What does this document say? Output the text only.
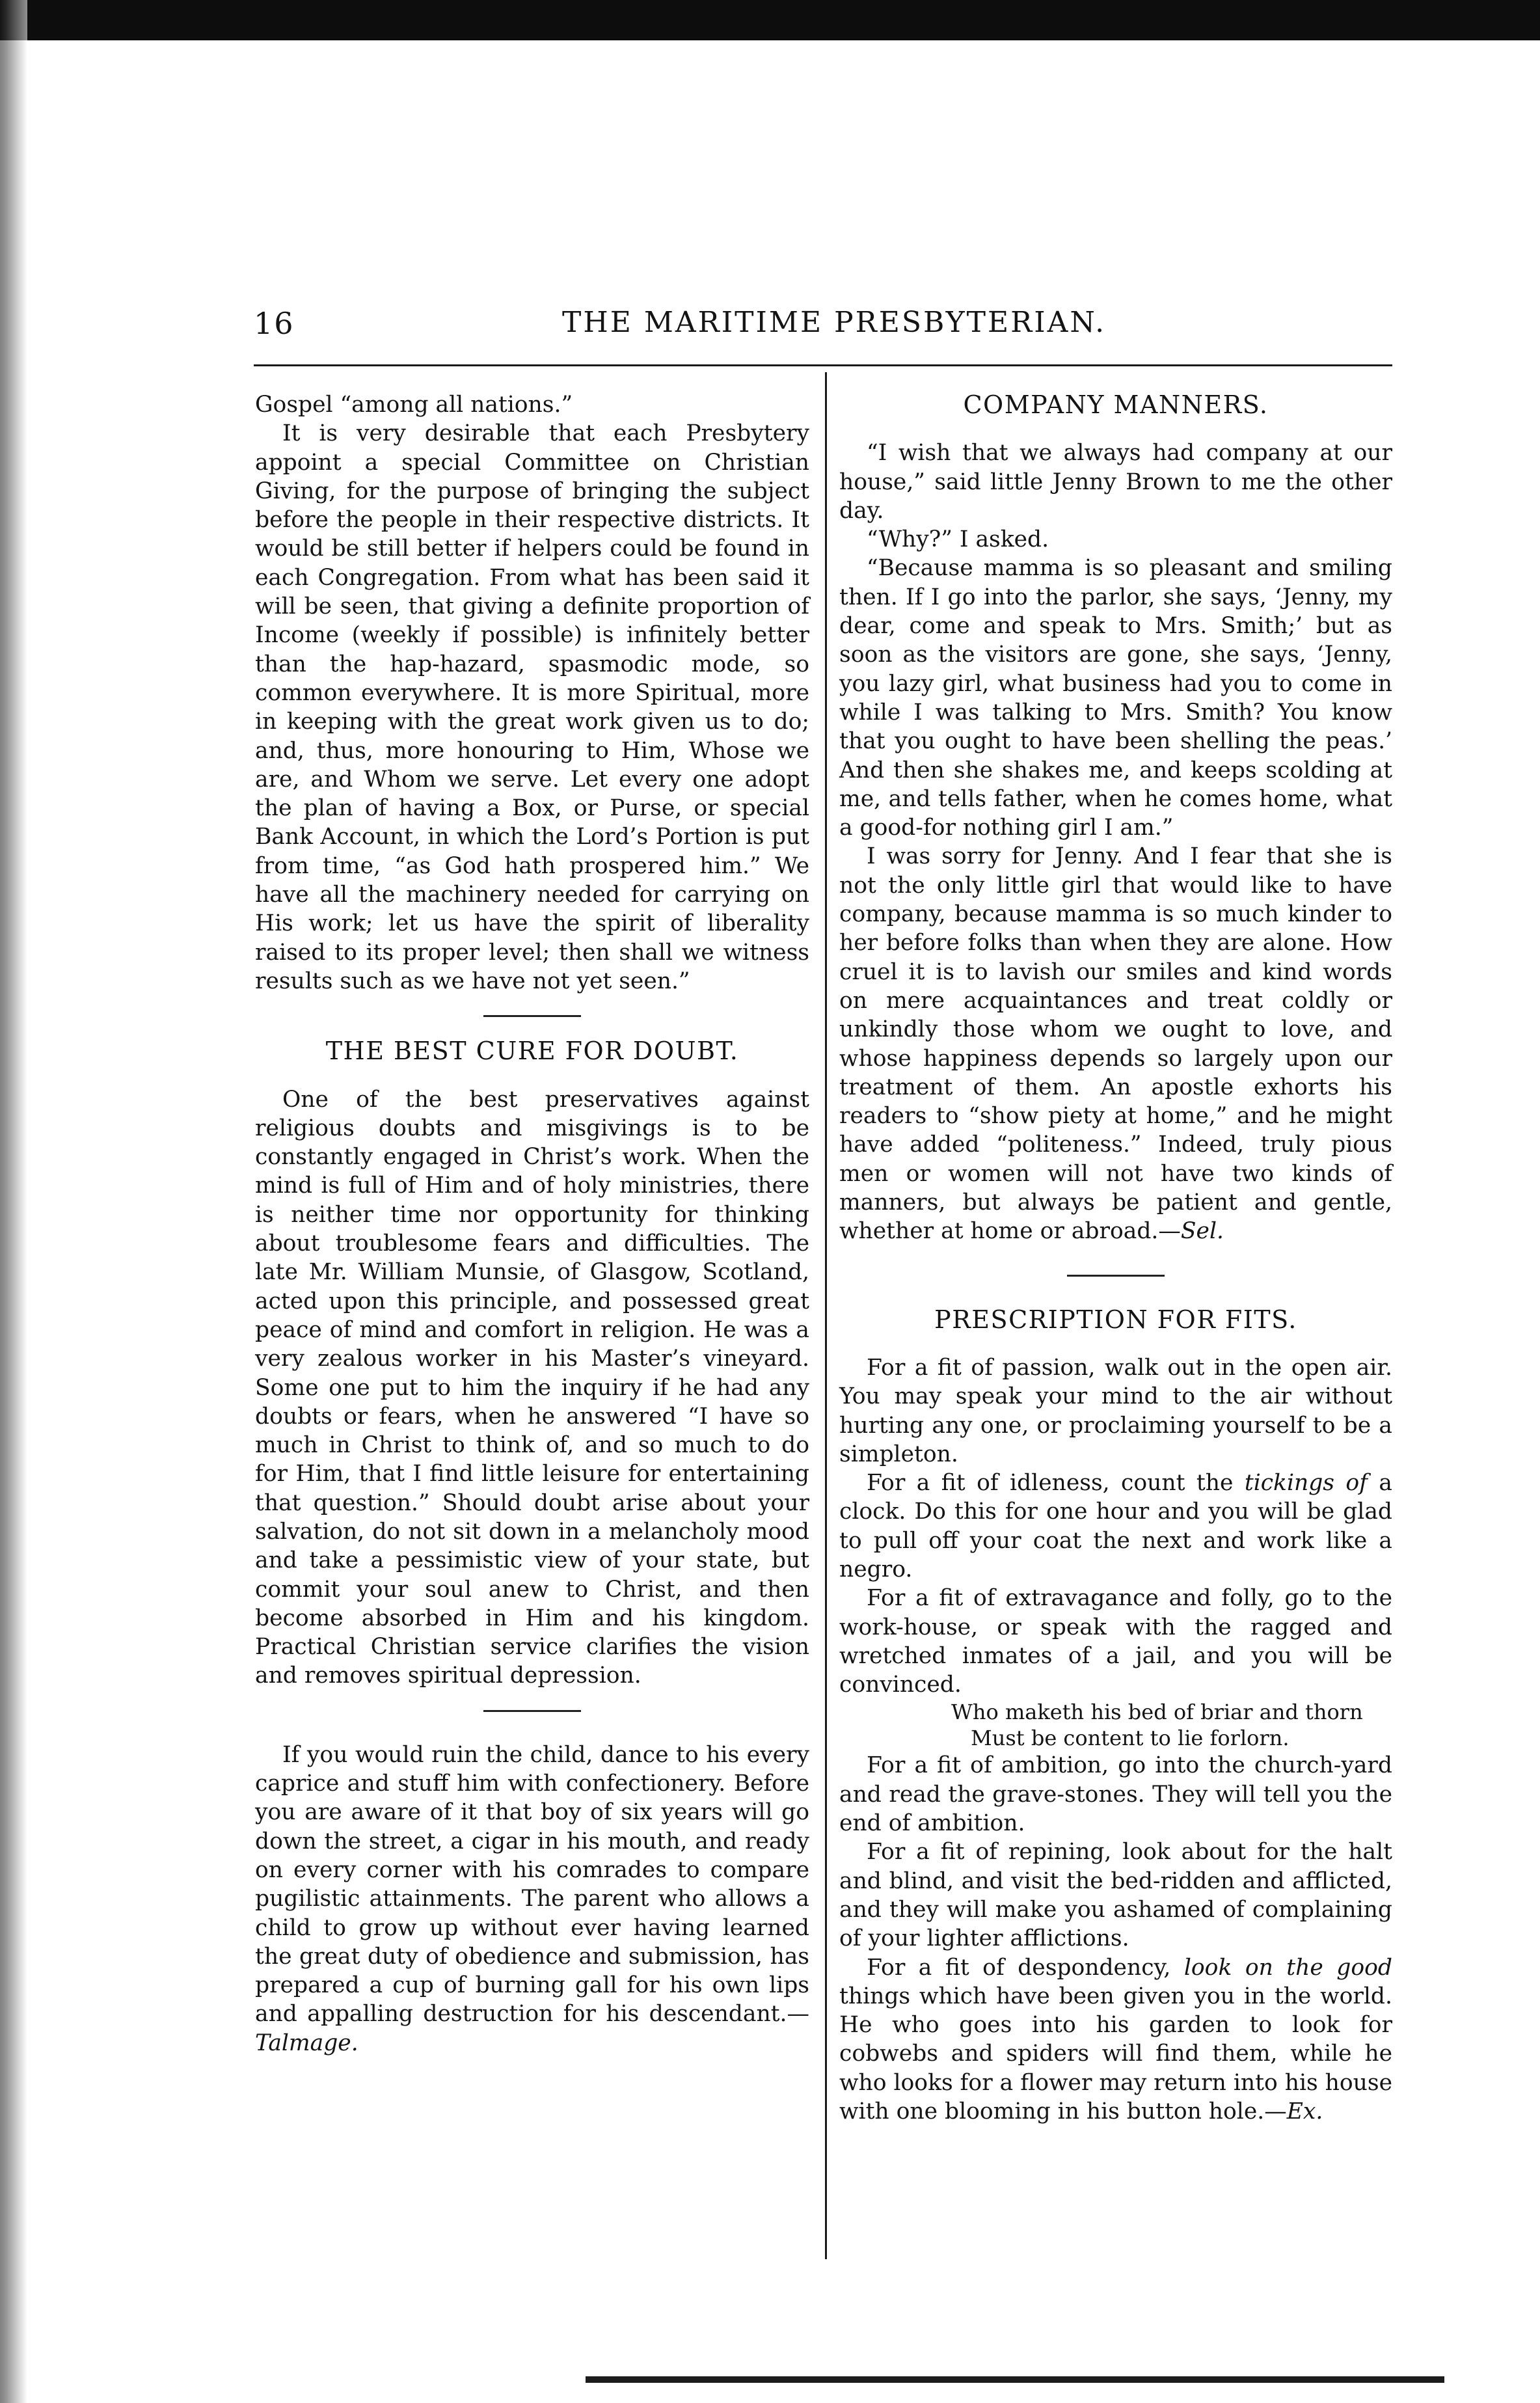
16	THE MARITIME PRESBYTERIAN.

Gospel “among all nations.”

It is very desirable that each Presbytery appoint a special Committee on Christian Giving, for the purpose of bringing the subject before the people in their respective districts. It would be still better if helpers could be found in each Congregation. From what has been said it will be seen, that giving a definite proportion of Income (weekly if possible) is infinitely better than the hap-hazard, spasmodic mode, so common everywhere. It is more Spiritual, more in keeping with the great work given us to do; and, thus, more honouring to Him, Whose we are, and Whom we serve. Let every one adopt the plan of having a Box, or Purse, or special Bank Account, in which the Lord’s Portion is put from time, “as God hath prospered him.” We have all the machinery needed for carrying on His work; let us have the spirit of liberality raised to its proper level; then shall we witness results such as we have not yet seen.”

THE BEST CURE FOR DOUBT.

One of the best preservatives against religious doubts and misgivings is to be constantly engaged in Christ’s work. When the mind is full of Him and of holy ministries, there is neither time nor opportunity for thinking about troublesome fears and difficulties. The late Mr. William Munsie, of Glasgow, Scotland, acted upon this principle, and possessed great peace of mind and comfort in religion. He was a very zealous worker in his Master’s vineyard. Some one put to him the inquiry if he had any doubts or fears, when he answered “I have so much in Christ to think of, and so much to do for Him, that I find little leisure for entertaining that question.” Should doubt arise about your salvation, do not sit down in a melancholy mood and take a pessimistic view of your state, but commit your soul anew to Christ, and then become absorbed in Him and his kingdom. Practical Christian service clarifies the vision and removes spiritual depression.

If you would ruin the child, dance to his every caprice and stuff him with confectionery. Before you are aware of it that boy of six years will go down the street, a cigar in his mouth, and ready on every corner with his comrades to compare pugilistic attainments. The parent who allows a child to grow up without ever having learned the great duty of obedience and submission, has prepared a cup of burning gall for his own lips and appalling destruction for his descendant.—Talmage.

COMPANY MANNERS.

“I wish that we always had company at our house,” said little Jenny Brown to me the other day.

“Why?” I asked.

“Because mamma is so pleasant and smiling then. If I go into the parlor, she says, ‘Jenny, my dear, come and speak to Mrs. Smith;’ but as soon as the visitors are gone, she says, ‘Jenny, you lazy girl, what business had you to come in while I was talking to Mrs. Smith? You know that you ought to have been shelling the peas.’ And then she shakes me, and keeps scolding at me, and tells father, when he comes home, what a good-for nothing girl I am.”

I was sorry for Jenny. And I fear that she is not the only little girl that would like to have company, because mamma is so much kinder to her before folks than when they are alone. How cruel it is to lavish our smiles and kind words on mere acquaintances and treat coldly or unkindly those whom we ought to love, and whose happiness depends so largely upon our treatment of them. An apostle exhorts his readers to “show piety at home,” and he might have added “politeness.” Indeed, truly pious men or women will not have two kinds of manners, but always be patient and gentle, whether at home or abroad.—Sel.

PRESCRIPTION FOR FITS.

For a fit of passion, walk out in the open air. You may speak your mind to the air without hurting any one, or proclaiming yourself to be a simpleton.

For a fit of idleness, count the tickings of a clock. Do this for one hour and you will be glad to pull off your coat the next and work like a negro.

For a fit of extravagance and folly, go to the work-house, or speak with the ragged and wretched inmates of a jail, and you will be convinced.

Who maketh his bed of briar and thorn
Must be content to lie forlorn.

For a fit of ambition, go into the church-yard and read the grave-stones. They will tell you the end of ambition.

For a fit of repining, look about for the halt and blind, and visit the bed-ridden and afflicted, and they will make you ashamed of complaining of your lighter afflictions.

For a fit of despondency, look on the good things which have been given you in the world. He who goes into his garden to look for cobwebs and spiders will find them, while he who looks for a flower may return into his house with one blooming in his button hole.—Ex.
